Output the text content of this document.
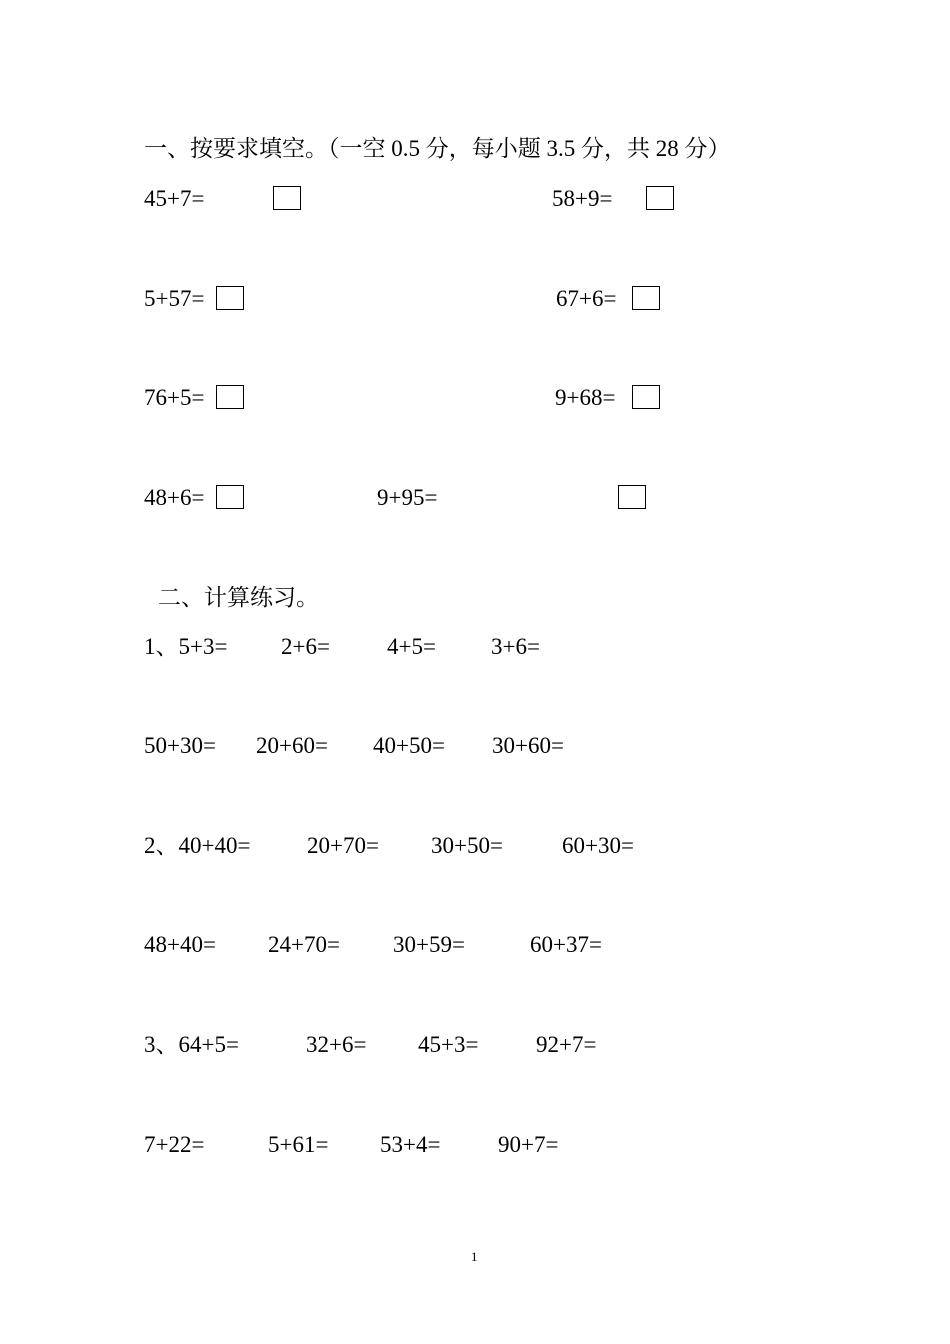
一、按要求填空。（一空 0.5 分，每小题 3.5 分，共 28 分）
45+7=	58+9=
5+57=	67+6=
76+5=	9+68=
48+6=	9+95=
二、计算练习。
1、5+3= 2+6= 4+5= 3+6=
50+30= 20+60= 40+50= 30+60=
2、40+40= 20+70= 30+50=	60+30=
48+40= 24+70= 30+59=	60+37=
3、64+5=	32+6= 45+3=	92+7=
7+22=	5+61= 53+4=	90+7=
1
